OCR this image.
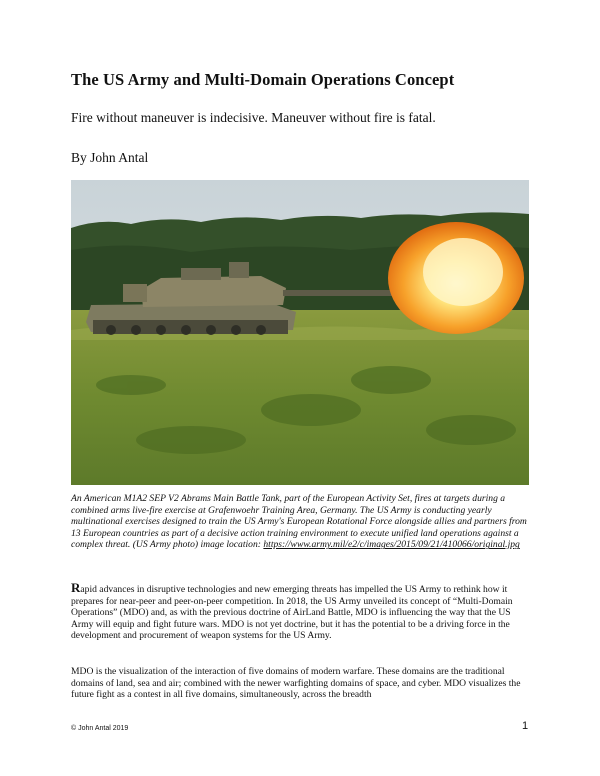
The US Army and Multi-Domain Operations Concept
Fire without maneuver is indecisive. Maneuver without fire is fatal.
By John Antal
An American M1A2 SEP V2 Abrams Main Battle Tank, part of the European Activity Set, fires at targets during a combined arms live-fire exercise at Grafenwoehr Training Area, Germany. The US Army is conducting yearly multinational exercises designed to train the US Army's European Rotational Force alongside allies and partners from 13 European countries as part of a decisive action training environment to execute unified land operations against a complex threat. (US Army photo) image location: https://www.army.mil/e2/c/images/2015/09/21/410066/original.jpg
Rapid advances in disruptive technologies and new emerging threats has impelled the US Army to rethink how it prepares for near-peer and peer-on-peer competition. In 2018, the US Army unveiled its concept of “Multi-Domain Operations” (MDO) and, as with the previous doctrine of AirLand Battle, MDO is influencing the way that the US Army will equip and fight future wars. MDO is not yet doctrine, but it has the potential to be a driving force in the development and procurement of weapon systems for the US Army.
MDO is the visualization of the interaction of five domains of modern warfare. These domains are the traditional domains of land, sea and air; combined with the newer warfighting domains of space, and cyber. MDO visualizes the future fight as a contest in all five domains, simultaneously, across the breadth
© John Antal 2019	1
